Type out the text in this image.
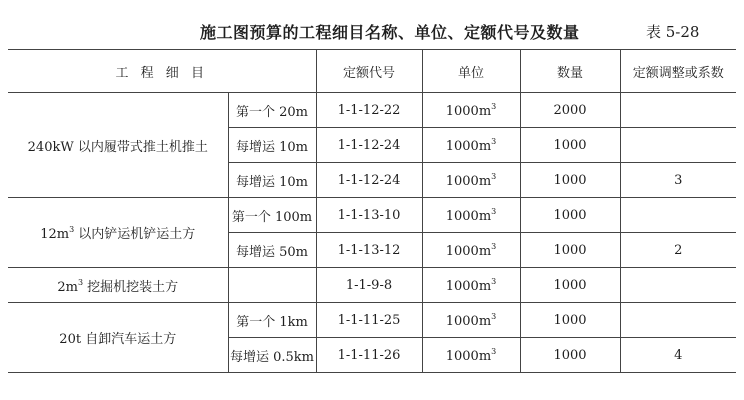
施工图预算的工程细目名称、单位、定额代号及数量	表 5-28
工 程 细 目		定额代号	单位	数量	定额调整或系数
240kW 以内履带式推土机推土	第一个 20m	1-1-12-22	$1000m^3$	2000	
	每增运 10m	1-1-12-24	$1000m^3$	1000	
	每增运 10m	1-1-12-24	$1000m^3$	1000	3
$12m^3$ 以内铲运机铲运土方	第一个 100m	1-1-13-10	$1000m^3$	1000	
	每增运 50m	1-1-13-12	$1000m^3$	1000	2
$2m^3$ 挖掘机挖装土方		1-1-9-8	$1000m^3$	1000	
20t 自卸汽车运土方	第一个 1km	1-1-11-25	$1000m^3$	1000	
	每增运 0.5km	1-1-11-26	$1000m^3$	1000	4
